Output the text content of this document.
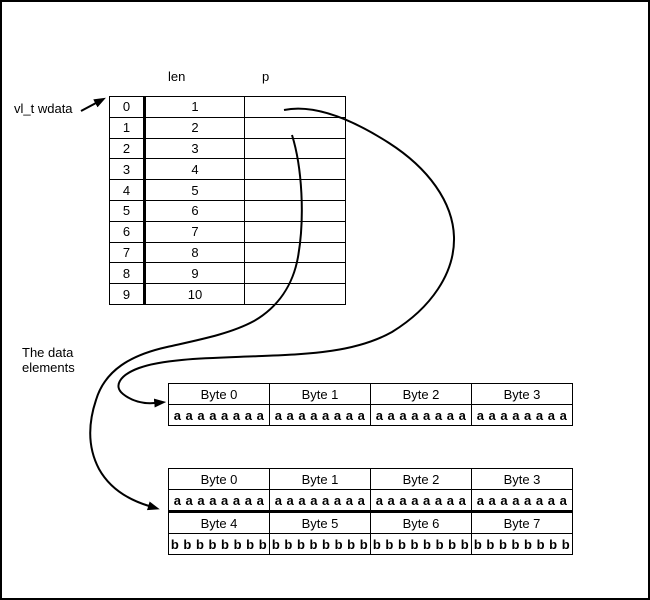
len	p
vl_t wdata	0	1	
1	2	
2	3	
3	4	
4	5	
5	6	
6	7	
7	8	
8	9	
9	10	
The data
elements
Byte 0	Byte 1	Byte 2	Byte 3
a a a a a a a a	a a a a a a a a	a a a a a a a a	a a a a a a a a
Byte 0	Byte 1	Byte 2	Byte 3
a a a a a a a a	a a a a a a a a	a a a a a a a a	a a a a a a a a
Byte 4	Byte 5	Byte 6	Byte 7
b b b b b b b b	b b b b b b b b	b b b b b b b b	b b b b b b b b
